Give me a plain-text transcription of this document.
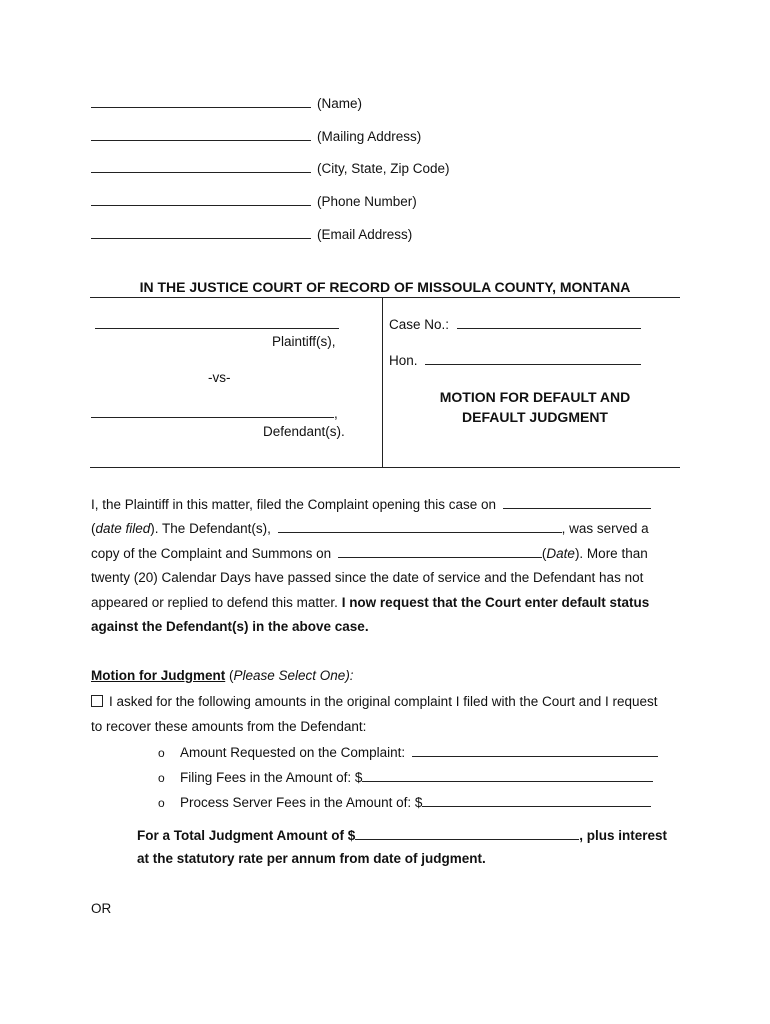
(Name)
(Mailing Address)
(City, State, Zip Code)
(Phone Number)
(Email Address)
IN THE JUSTICE COURT OF RECORD OF MISSOULA COUNTY, MONTANA
Plaintiff(s),
-vs-
,
Defendant(s).
Case No.:
Hon.
MOTION FOR DEFAULT AND
DEFAULT JUDGMENT
I, the Plaintiff in this matter, filed the Complaint opening this case on
(date filed). The Defendant(s),	, was served a
copy of the Complaint and Summons on	(Date). More than
twenty (20) Calendar Days have passed since the date of service and the Defendant has not
appeared or replied to defend this matter. I now request that the Court enter default status
against the Defendant(s) in the above case.
Motion for Judgment (Please Select One):
I asked for the following amounts in the original complaint I filed with the Court and I request
to recover these amounts from the Defendant:
o Amount Requested on the Complaint:
o Filing Fees in the Amount of: $
o Process Server Fees in the Amount of: $
For a Total Judgment Amount of $	, plus interest
at the statutory rate per annum from date of judgment.
OR
